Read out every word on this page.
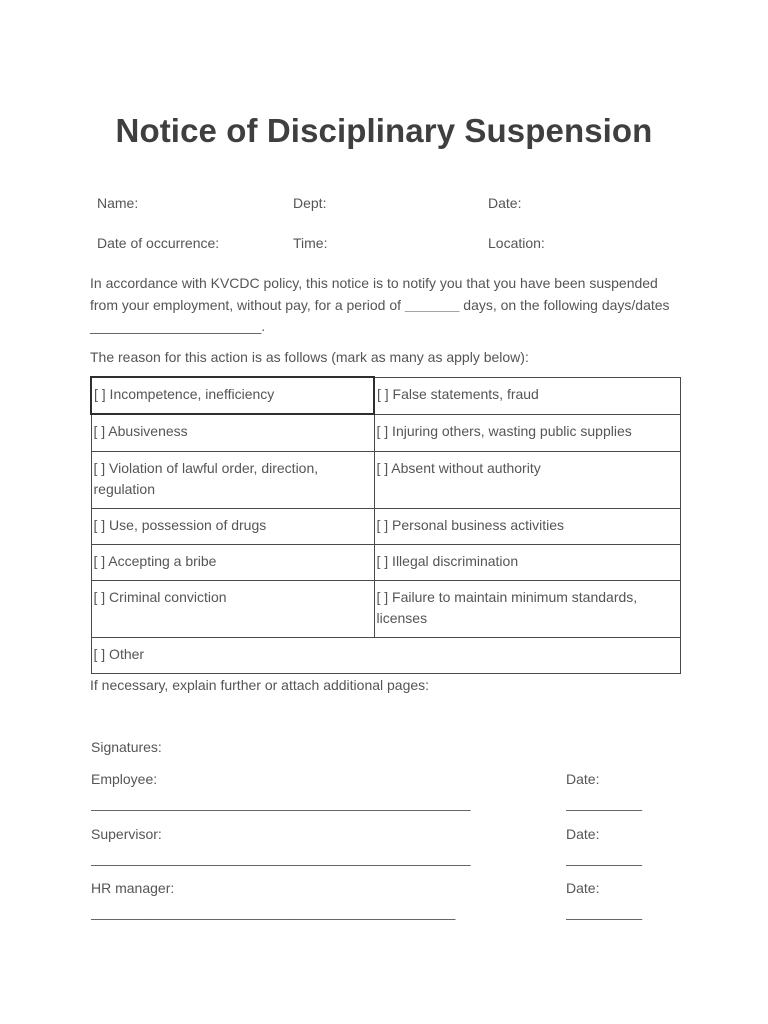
Notice of Disciplinary Suspension
Name:	Dept:	Date:
Date of occurrence:	Time:	Location:
In accordance with KVCDC policy, this notice is to notify you that you have been suspended from your employment, without pay, for a period of _______ days, on the following days/dates ______________________.
The reason for this action is as follows (mark as many as apply below):
[ ] Incompetence, inefficiency	[ ] False statements, fraud
[ ] Abusiveness	[ ] Injuring others, wasting public supplies
[ ] Violation of lawful order, direction, regulation	[ ] Absent without authority
[ ] Use, possession of drugs	[ ] Personal business activities
[ ] Accepting a bribe	[ ] Illegal discrimination
[ ] Criminal conviction	[ ] Failure to maintain minimum standards, licenses
[ ] Other	
If necessary, explain further or attach additional pages:
Signatures:
Employee:	Date:
__________________________________________________	__________
Supervisor:	Date:
__________________________________________________	__________
HR manager:	Date:
________________________________________________	__________
